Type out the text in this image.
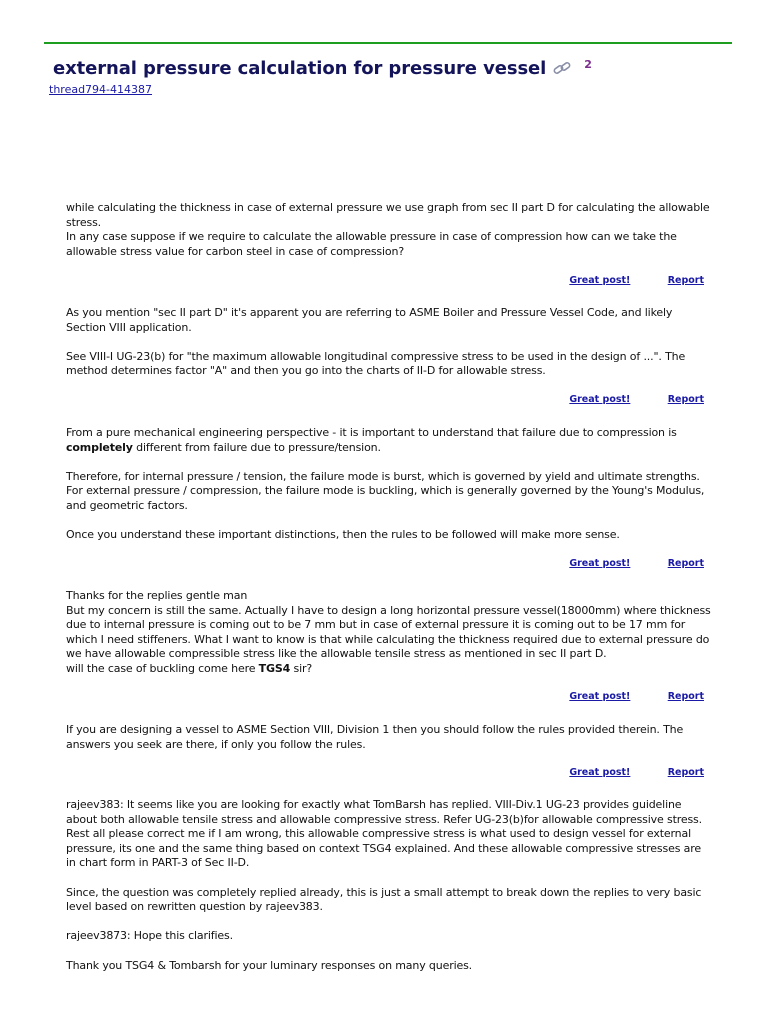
external pressure calculation for pressure vessel	2
thread794-414387

while calculating the thickness in case of external pressure we use graph from sec II part D for calculating the allowable stress.

In any case suppose if we require to calculate the allowable pressure in case of compression how can we take the allowable stress value for carbon steel in case of compression?

Great post!	Report

As you mention "sec II part D" it's apparent you are referring to ASME Boiler and Pressure Vessel Code, and likely Section VIII application.

See VIII-I UG-23(b) for "the maximum allowable longitudinal compressive stress to be used in the design of ...". The method determines factor "A" and then you go into the charts of II-D for allowable stress.

Great post!	Report

From a pure mechanical engineering perspective - it is important to understand that failure due to compression is completely different from failure due to pressure/tension.

Therefore, for internal pressure / tension, the failure mode is burst, which is governed by yield and ultimate strengths.

For external pressure / compression, the failure mode is buckling, which is generally governed by the Young's Modulus, and geometric factors.

Once you understand these important distinctions, then the rules to be followed will make more sense.

Great post!	Report

Thanks for the replies gentle man

But my concern is still the same. Actually I have to design a long horizontal pressure vessel(18000mm) where thickness due to internal pressure is coming out to be 7 mm but in case of external pressure it is coming out to be 17 mm for which I need stiffeners. What I want to know is that while calculating the thickness required due to external pressure do we have allowable compressible stress like the allowable tensile stress as mentioned in sec II part D.

will the case of buckling come here TGS4 sir?

Great post!	Report

If you are designing a vessel to ASME Section VIII, Division 1 then you should follow the rules provided therein. The answers you seek are there, if only you follow the rules.

Great post!	Report

rajeev383: It seems like you are looking for exactly what TomBarsh has replied. VIII-Div.1 UG-23 provides guideline about both allowable tensile stress and allowable compressive stress. Refer UG-23(b)for allowable compressive stress. Rest all please correct me if I am wrong, this allowable compressive stress is what used to design vessel for external pressure, its one and the same thing based on context TSG4 explained. And these allowable compressive stresses are in chart form in PART-3 of Sec II-D.

Since, the question was completely replied already, this is just a small attempt to break down the replies to very basic level based on rewritten question by rajeev383.

rajeev3873: Hope this clarifies.

Thank you TSG4 & Tombarsh for your luminary responses on many queries.
